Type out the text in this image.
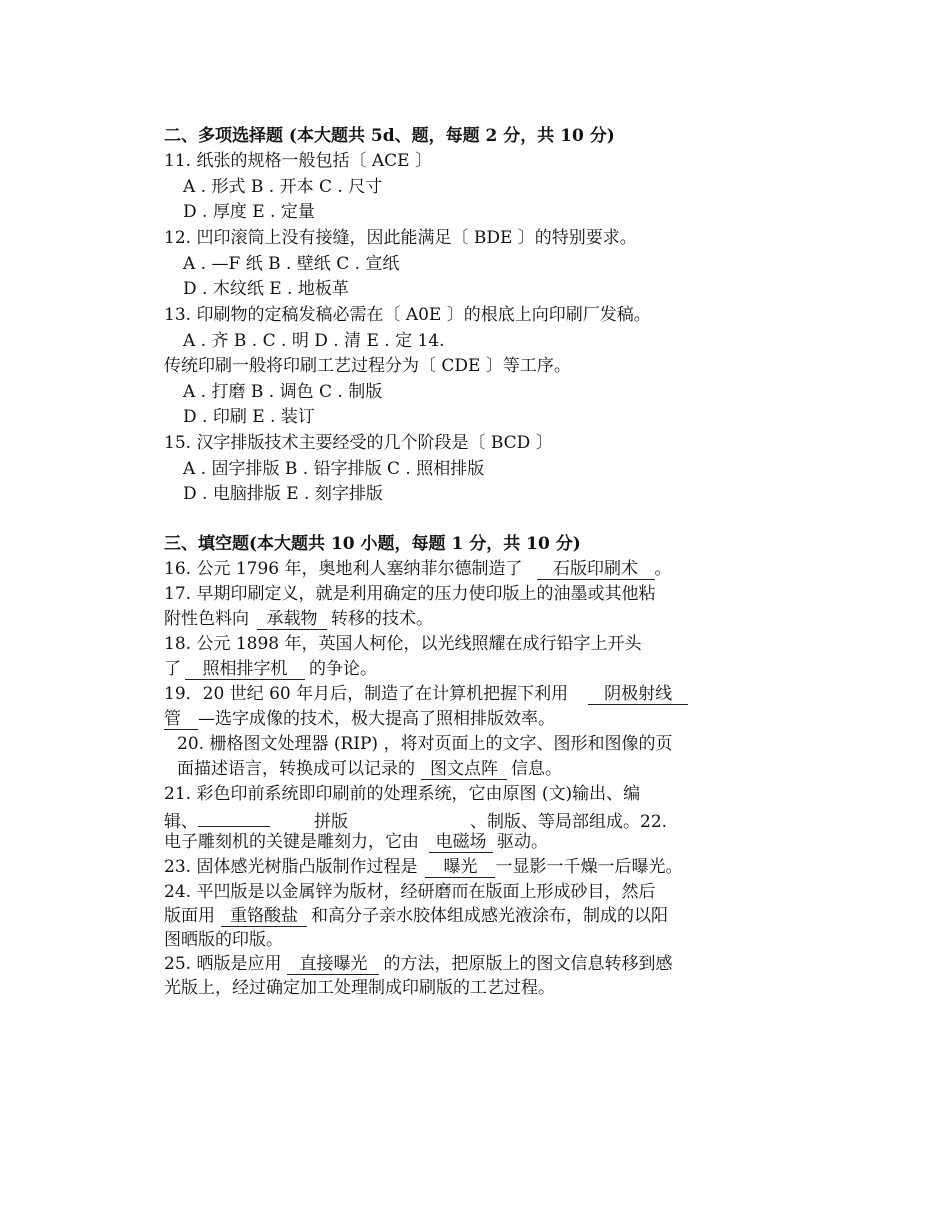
二、多项选择题 (本大题共 5d、题，每题 2 分，共 10 分)
11. 纸张的规格一般包括〔 ACE 〕
A . 形式 B . 开本 C . 尺寸
D . 厚度 E . 定量
12. 凹印滚筒上没有接缝，因此能满足〔 BDE 〕的特别要求。
A . —F 纸 B . 壁纸 C . 宣纸
D . 木纹纸 E . 地板革
13. 印刷物的定稿发稿必需在〔 A0E 〕的根底上向印刷厂发稿。
A . 齐 B . C . 明 D . 清 E . 定 14.
传统印刷一般将印刷工艺过程分为〔 CDE 〕等工序。
A . 打磨 B . 调色 C . 制版
D . 印刷 E . 装订
15. 汉字排版技术主要经受的几个阶段是〔 BCD 〕
A . 固字排版 B . 铅字排版 C . 照相排版
D . 电脑排版 E . 刻字排版
三、填空题(本大题共 10 小题，每题 1 分，共 10 分)
16. 公元 1796 年，奥地利人塞纳菲尔德制造了 石版印刷术 。
17. 早期印刷定义，就是利用确定的压力使印版上的油墨或其他粘
附性色料向 承载物 转移的技术。
18. 公元 1898 年，英国人柯伦，以光线照耀在成行铅字上开头
了 照相排字机 的争论。
19．20 世纪 60 年月后，制造了在计算机把握下利用 阴极射线
管 —选字成像的技术，极大提高了照相排版效率。
20. 栅格图文处理器 (RIP) ，将对页面上的文字、图形和图像的页
面描述语言，转换成可以记录的 图文点阵 信息。
21. 彩色印前系统即印刷前的处理系统，它由原图 (文)输出、编
辑、	拼版	、制版、等局部组成。22.
电子雕刻机的关键是雕刻力，它由 电磁场 驱动。
23. 固体感光树脂凸版制作过程是 曝光 一显影一千燥一后曝光。
24. 平凹版是以金属锌为版材，经研磨而在版面上形成砂目，然后
版面用 重铬酸盐 和高分子亲水胶体组成感光液涂布，制成的以阳
图晒版的印版。
25. 晒版是应用 直接曝光 的方法，把原版上的图文信息转移到感
光版上，经过确定加工处理制成印刷版的工艺过程。
